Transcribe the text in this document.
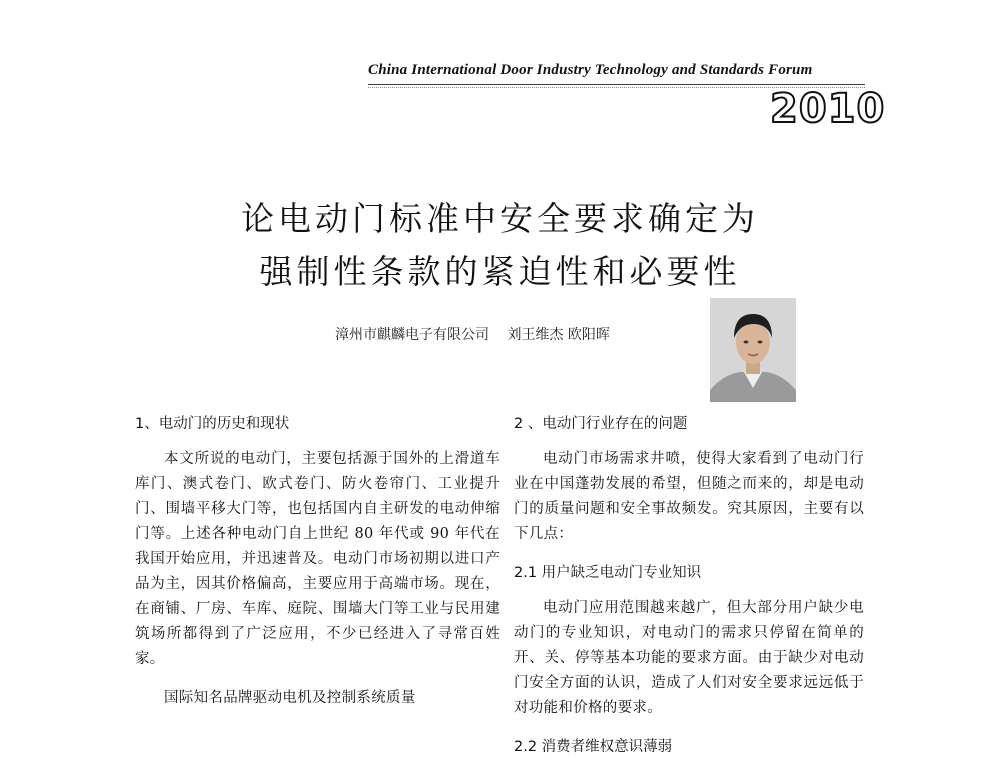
China International Door Industry Technology and Standards Forum
2010
论电动门标准中安全要求确定为
强制性条款的紧迫性和必要性
漳州市麒麟电子有限公司 刘王维杰 欧阳晖
1、电动门的历史和现状

本文所说的电动门，主要包括源于国外的上滑道车库门、澳式卷门、欧式卷门、防火卷帘门、工业提升门、围墙平移大门等，也包括国内自主研发的电动伸缩门等。上述各种电动门自上世纪 80 年代或 90 年代在我国开始应用，并迅速普及。电动门市场初期以进口产品为主，因其价格偏高，主要应用于高端市场。现在，在商铺、厂房、车库、庭院、围墙大门等工业与民用建筑场所都得到了广泛应用，不少已经进入了寻常百姓家。

国际知名品牌驱动电机及控制系统质量

2 、电动门行业存在的问题

电动门市场需求井喷，使得大家看到了电动门行业在中国蓬勃发展的希望，但随之而来的，却是电动门的质量问题和安全事故频发。究其原因，主要有以下几点：

2.1 用户缺乏电动门专业知识

电动门应用范围越来越广，但大部分用户缺少电动门的专业知识，对电动门的需求只停留在简单的开、关、停等基本功能的要求方面。由于缺少对电动门安全方面的认识，造成了人们对安全要求远远低于对功能和价格的要求。

2.2 消费者维权意识薄弱
